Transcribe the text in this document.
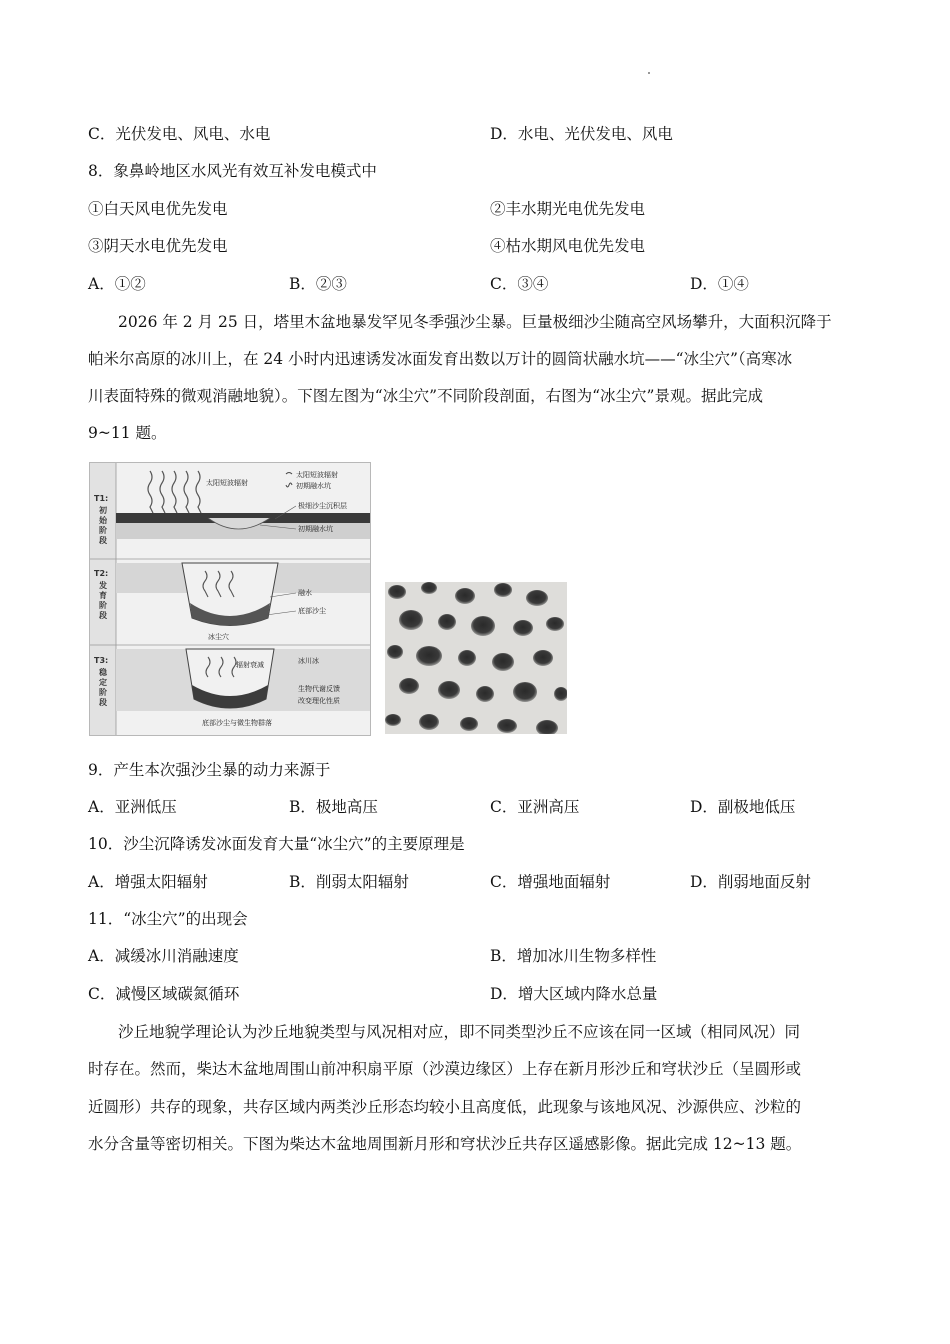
C．光伏发电、风电、水电	D．水电、光伏发电、风电
8．象鼻岭地区水风光有效互补发电模式中
①白天风电优先发电	②丰水期光电优先发电
③阴天水电优先发电	④枯水期风电优先发电
A．①②	B．②③	C．③④	D．①④
2026 年 2 月 25 日，塔里木盆地暴发罕见冬季强沙尘暴。巨量极细沙尘随高空风场攀升，大面积沉降于
帕米尔高原的冰川上，在 24 小时内迅速诱发冰面发育出数以万计的圆筒状融水坑——“冰尘穴”（高寒冰
川表面特殊的微观消融地貌）。下图左图为“冰尘穴”不同阶段剖面，右图为“冰尘穴”景观。据此完成
9~11 题。
T1:
初始阶段
T2:
发育阶段
T3:
稳定阶段
太阳短波辐射
太阳短波辐射
初期融水坑
极细沙尘沉积层
初期融水坑
融水
底部沙尘
冰尘穴
辐射衰减	冰川冰
生物代谢反馈
改变理化性质
底部沙尘与微生物群落
9．产生本次强沙尘暴的动力来源于
A．亚洲低压	B．极地高压	C．亚洲高压	D．副极地低压
10．沙尘沉降诱发冰面发育大量“冰尘穴”的主要原理是
A．增强太阳辐射	B．削弱太阳辐射	C．增强地面辐射	D．削弱地面反射
11．“冰尘穴”的出现会
A．减缓冰川消融速度	B．增加冰川生物多样性
C．减慢区域碳氮循环	D．增大区域内降水总量
沙丘地貌学理论认为沙丘地貌类型与风况相对应，即不同类型沙丘不应该在同一区域（相同风况）同
时存在。然而，柴达木盆地周围山前冲积扇平原（沙漠边缘区）上存在新月形沙丘和穹状沙丘（呈圆形或
近圆形）共存的现象，共存区域内两类沙丘形态均较小且高度低，此现象与该地风况、沙源供应、沙粒的
水分含量等密切相关。下图为柴达木盆地周围新月形和穹状沙丘共存区遥感影像。据此完成 12~13 题。
